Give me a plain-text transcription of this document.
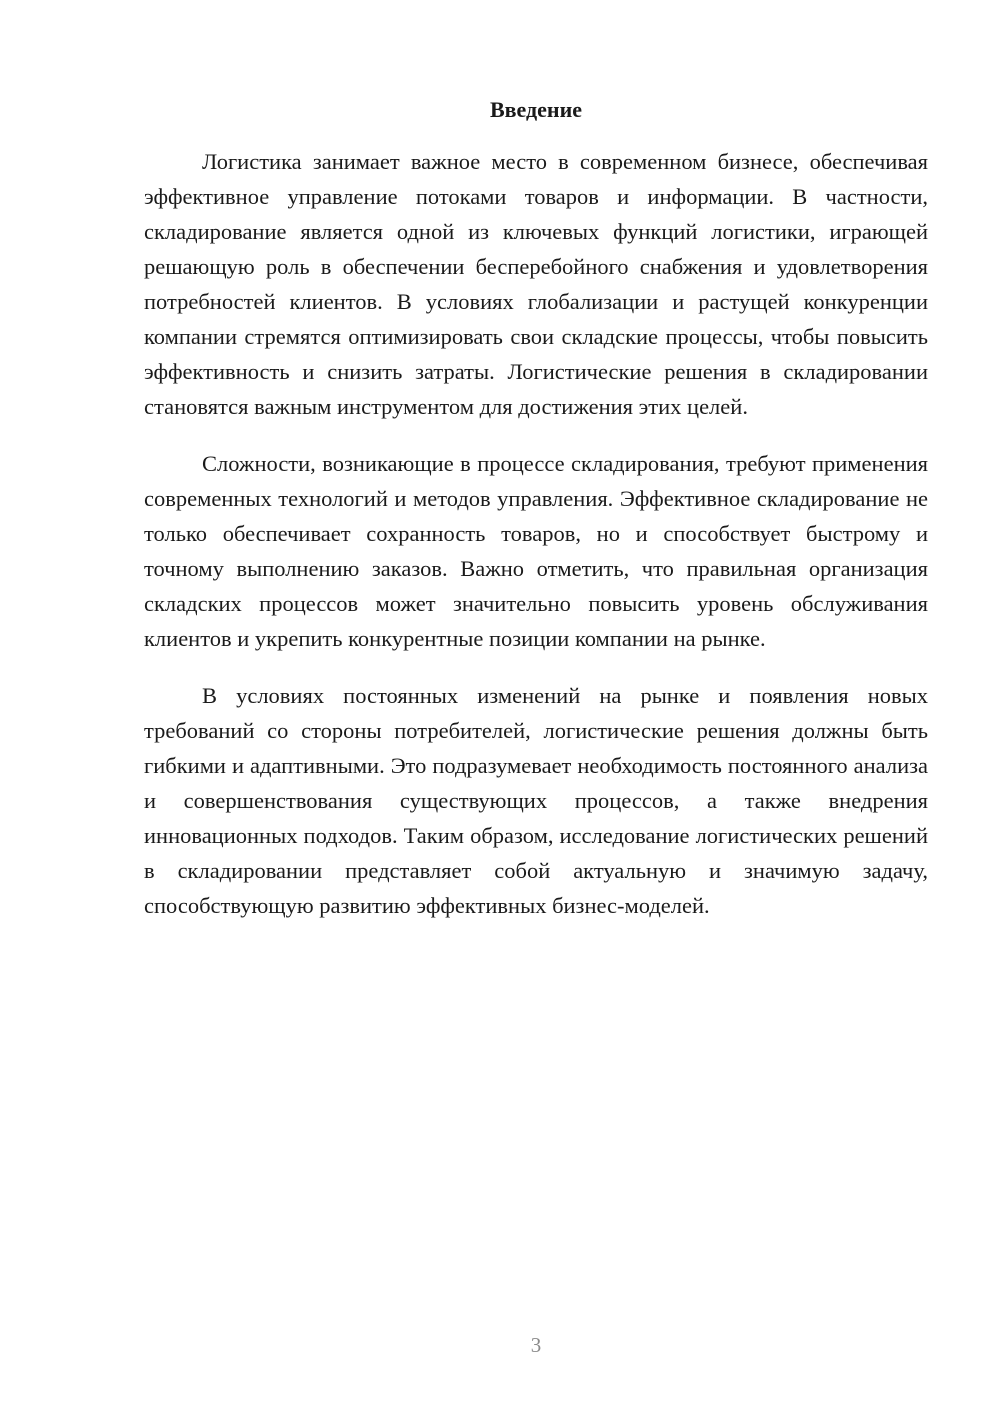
Введение

Логистика занимает важное место в современном бизнесе, обеспечивая эффективное управление потоками товаров и информации. В частности, складирование является одной из ключевых функций логистики, играющей решающую роль в обеспечении бесперебойного снабжения и удовлетворения потребностей клиентов. В условиях глобализации и растущей конкуренции компании стремятся оптимизировать свои складские процессы, чтобы повысить эффективность и снизить затраты. Логистические решения в складировании становятся важным инструментом для достижения этих целей.

Сложности, возникающие в процессе складирования, требуют применения современных технологий и методов управления. Эффективное складирование не только обеспечивает сохранность товаров, но и способствует быстрому и точному выполнению заказов. Важно отметить, что правильная организация складских процессов может значительно повысить уровень обслуживания клиентов и укрепить конкурентные позиции компании на рынке.

В условиях постоянных изменений на рынке и появления новых требований со стороны потребителей, логистические решения должны быть гибкими и адаптивными. Это подразумевает необходимость постоянного анализа и совершенствования существующих процессов, а также внедрения инновационных подходов. Таким образом, исследование логистических решений в складировании представляет собой актуальную и значимую задачу, способствующую развитию эффективных бизнес-моделей.

3
